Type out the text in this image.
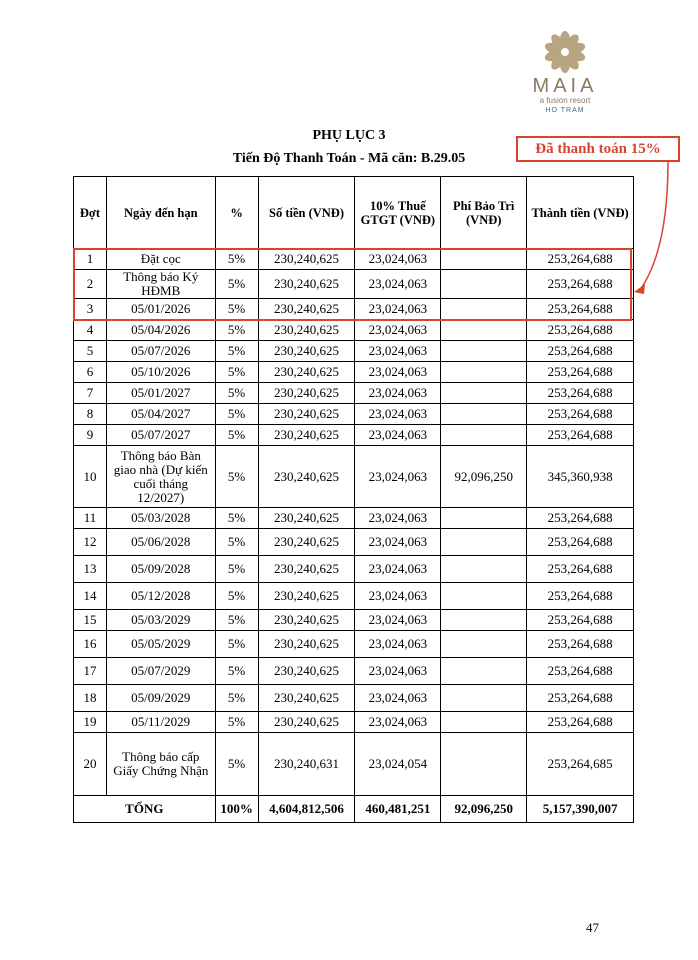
MAIA
a fusion resort
HO TRAM
PHỤ LỤC 3
Tiến Độ Thanh Toán - Mã căn: B.29.05
Đã thanh toán 15%
Đợt	Ngày đến hạn	%	Số tiền (VNĐ)	10% Thuế GTGT (VNĐ)	Phí Bảo Trì (VNĐ)	Thành tiền (VNĐ)
1	Đặt cọc	5%	230,240,625	23,024,063		253,264,688
2	Thông báo Ký HĐMB	5%	230,240,625	23,024,063		253,264,688
3	05/01/2026	5%	230,240,625	23,024,063		253,264,688
4	05/04/2026	5%	230,240,625	23,024,063		253,264,688
5	05/07/2026	5%	230,240,625	23,024,063		253,264,688
6	05/10/2026	5%	230,240,625	23,024,063		253,264,688
7	05/01/2027	5%	230,240,625	23,024,063		253,264,688
8	05/04/2027	5%	230,240,625	23,024,063		253,264,688
9	05/07/2027	5%	230,240,625	23,024,063		253,264,688
10	Thông báo Bàn giao nhà (Dự kiến cuối tháng 12/2027)	5%	230,240,625	23,024,063	92,096,250	345,360,938
11	05/03/2028	5%	230,240,625	23,024,063		253,264,688
12	05/06/2028	5%	230,240,625	23,024,063		253,264,688
13	05/09/2028	5%	230,240,625	23,024,063		253,264,688
14	05/12/2028	5%	230,240,625	23,024,063		253,264,688
15	05/03/2029	5%	230,240,625	23,024,063		253,264,688
16	05/05/2029	5%	230,240,625	23,024,063		253,264,688
17	05/07/2029	5%	230,240,625	23,024,063		253,264,688
18	05/09/2029	5%	230,240,625	23,024,063		253,264,688
19	05/11/2029	5%	230,240,625	23,024,063		253,264,688
20	Thông báo cấp Giấy Chứng Nhận	5%	230,240,631	23,024,054		253,264,685
TỔNG		100%	4,604,812,506	460,481,251	92,096,250	5,157,390,007
47
